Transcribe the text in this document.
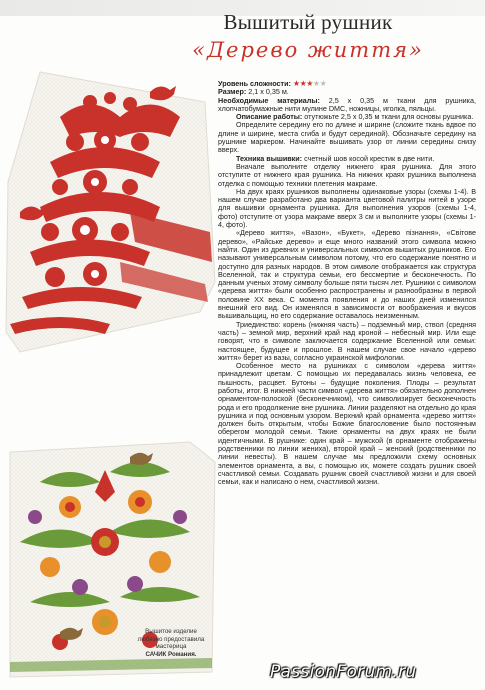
Вышитый рушник
«Дерево життя»
Вышитое изделие
любезно предоставила
мастерица
САЧИК Романия.

Уровень сложности: ★★★★★

Размер: 2,1 х 0,35 м.

Необходимые материалы: 2,5 х 0,35 м ткани для рушника, хлопчатобумажные нити мулине DMC, ножницы, иголка, пяльцы.

Описание работы: отутюжьте 2,5 х 0,35 м ткани для основы рушника.

Определите середину его по длине и ширине (сложите ткань вдвое по длине и ширине, места сгиба и будут серединой). Обозначьте середину на рушнике маркером. Начинайте вышивать узор от линии середины снизу вверх.

Техника вышивки: счетный шов косой крестик в две нити.

Вначале выполните отделку нижнего края рушника. Для этого отступите от нижнего края рушника. На нижних краях рушника выполнена отделка с помощью техники плетения макраме.

На двух краях рушников выполнены одинаковые узоры (схемы 1-4). В нашем случае разработано два варианта цветовой палитры нитей в узоре для вышивки орнамента рушника. Для выполнения узоров (схемы 1-4, фото) отступите от узора макраме вверх 3 см и выполните узоры (схемы 1-4, фото).

«Дерево життя», «Вазон», «Букет», «Дерево пізнання», «Світове дерево», «Райське дерево» и еще много названий этого символа можно найти. Один из древних и универсальных символов вышитых рушников. Его называют универсальным символом потому, что его содержание понятно и доступно для разных народов. В этом символе отображается как структура Вселенной, так и структура семьи, его бессмертие и бесконечность. По данным ученых этому символу больше пяти тысяч лет. Рушники с символом «дерева життя» были особенно распространены и разнообразны в первой половине XX века. С момента появления и до наших дней изменился внешний его вид. Он изменялся в зависимости от воображения и вкусов вышивальщиц, но его содержание оставалось неизменным.

Триединство: корень (нижняя часть) – подземный мир, ствол (средняя часть) – земной мир, верхний край над кроной – небесный мир. Или еще говорят, что в символе заключается содержание Вселенной или семьи: настоящее, будущее и прошлое. В нашем случае свое начало «дерево життя» берет из вазы, согласно украинской мифологии.

Особенное место на рушниках с символом «дерева життя» принадлежит цветам. С помощью их передавалась жизнь человека, ее пышность, расцвет. Бутоны – будущие поколения. Плоды – результат работы, итог. В нижней части символ «дерева життя» обязательно дополнен орнаментом-полоской (бесконечником), что символизирует бесконечность рода и его продолжение вне рушника. Линии разделяют на отдельно до края рушника и под основным узором. Верхний край орнамента «дерево життя» должен быть открытым, чтобы Божие благословение было постоянным оберегом молодой семьи. Такие орнаменты на двух краях не были идентичными. В рушнике: один край – мужской (в орнаменте отображены родственники по линии жениха), второй край – женский (родственники по линии невесты). В нашем случае мы предложили схему основных элементов орнамента, а вы, с помощью их, можете создать рушник своей счастливой семьи. Создавать рушник своей счастливой жизни и для своей семьи, как и написано о нем, счастливой жизни.

PassionForum.ru
